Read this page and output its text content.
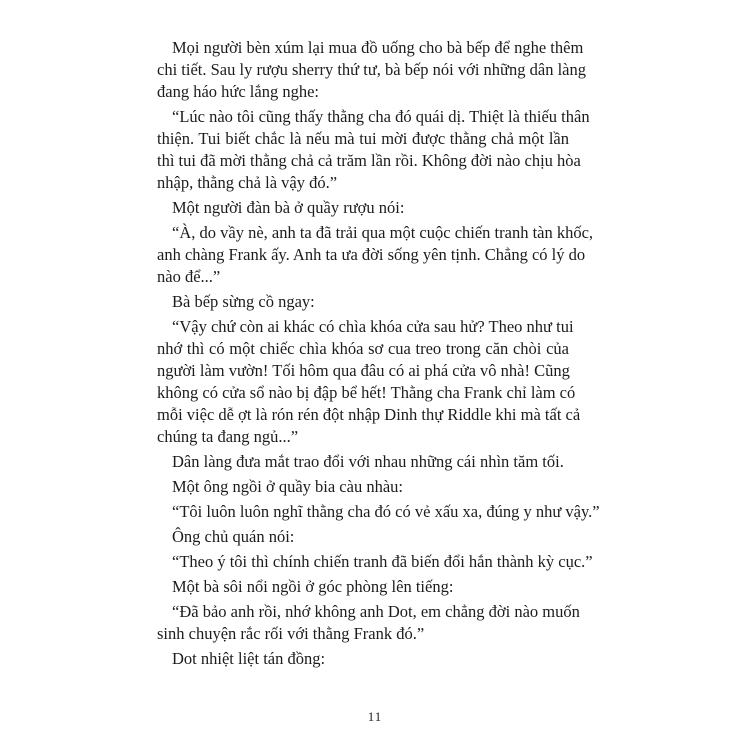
Mọi người bèn xúm lại mua đồ uống cho bà bếp để nghe thêm
chi tiết. Sau ly rượu sherry thứ tư, bà bếp nói với những dân làng
đang háo hức lắng nghe:
“Lúc nào tôi cũng thấy thằng cha đó quái dị. Thiệt là thiếu thân
thiện. Tui biết chắc là nếu mà tui mời được thằng chả một lần
thì tui đã mời thằng chả cả trăm lần rồi. Không đời nào chịu hòa
nhập, thằng chả là vậy đó.”
Một người đàn bà ở quầy rượu nói:
“À, do vầy nè, anh ta đã trải qua một cuộc chiến tranh tàn khốc,
anh chàng Frank ấy. Anh ta ưa đời sống yên tịnh. Chẳng có lý do
nào để...”
Bà bếp sừng cồ ngay:
“Vậy chứ còn ai khác có chìa khóa cửa sau hử? Theo như tui
nhớ thì có một chiếc chìa khóa sơ cua treo trong căn chòi của
người làm vườn! Tối hôm qua đâu có ai phá cửa vô nhà! Cũng
không có cửa sổ nào bị đập bể hết! Thằng cha Frank chỉ làm có
mỗi việc dễ ợt là rón rén đột nhập Dinh thự Riddle khi mà tất cả
chúng ta đang ngủ...”
Dân làng đưa mắt trao đổi với nhau những cái nhìn tăm tối.
Một ông ngồi ở quầy bia càu nhàu:
“Tôi luôn luôn nghĩ thằng cha đó có vẻ xấu xa, đúng y như vậy.”
Ông chủ quán nói:
“Theo ý tôi thì chính chiến tranh đã biến đổi hắn thành kỳ cục.”
Một bà sôi nổi ngồi ở góc phòng lên tiếng:
“Đã bảo anh rồi, nhớ không anh Dot, em chẳng đời nào muốn
sinh chuyện rắc rối với thằng Frank đó.”
Dot nhiệt liệt tán đồng:
11
